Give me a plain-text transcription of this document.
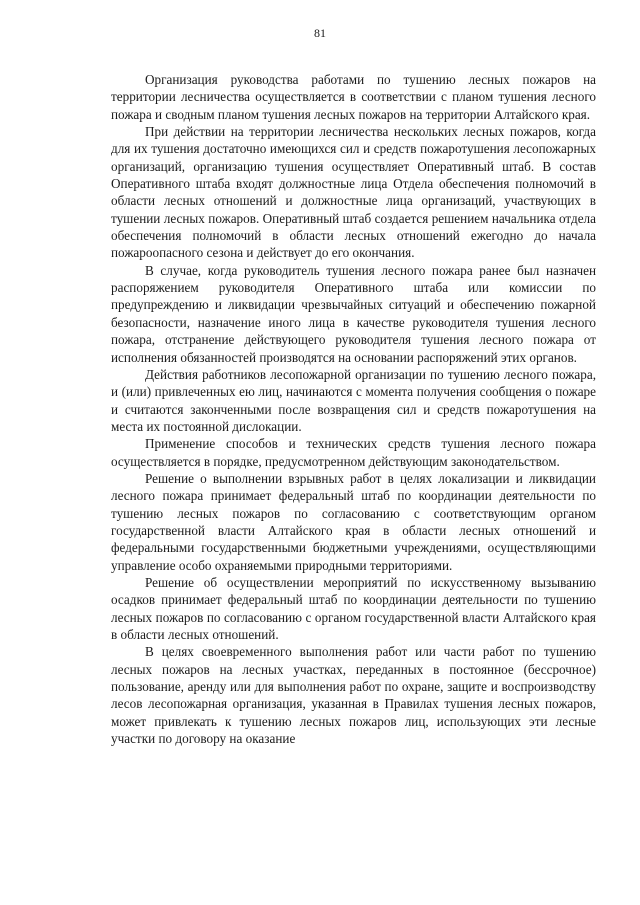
81

Организация руководства работами по тушению лесных пожаров на территории лесничества осуществляется в соответствии с планом тушения лесного пожара и сводным планом тушения лесных пожаров на территории Алтайского края.

При действии на территории лесничества нескольких лесных пожаров, когда для их тушения достаточно имеющихся сил и средств пожаротушения лесопожарных организаций, организацию тушения осуществляет Оперативный штаб. В состав Оперативного штаба входят должностные лица Отдела обеспечения полномочий в области лесных отношений и должностные лица организаций, участвующих в тушении лесных пожаров. Оперативный штаб создается решением начальника отдела обеспечения полномочий в области лесных отношений ежегодно до начала пожароопасного сезона и действует до его окончания.

В случае, когда руководитель тушения лесного пожара ранее был назначен распоряжением руководителя Оперативного штаба или комиссии по предупреждению и ликвидации чрезвычайных ситуаций и обеспечению пожарной безопасности, назначение иного лица в качестве руководителя тушения лесного пожара, отстранение действующего руководителя тушения лесного пожара от исполнения обязанностей производятся на основании распоряжений этих органов.

Действия работников лесопожарной организации по тушению лесного пожара, и (или) привлеченных ею лиц, начинаются с момента получения сообщения о пожаре и считаются законченными после возвращения сил и средств пожаротушения на места их постоянной дислокации.

Применение способов и технических средств тушения лесного пожара осуществляется в порядке, предусмотренном действующим законодательством.

Решение о выполнении взрывных работ в целях локализации и ликвидации лесного пожара принимает федеральный штаб по координации деятельности по тушению лесных пожаров по согласованию с соответствующим органом государственной власти Алтайского края в области лесных отношений и федеральными государственными бюджетными учреждениями, осуществляющими управление особо охраняемыми природными территориями.

Решение об осуществлении мероприятий по искусственному вызыванию осадков принимает федеральный штаб по координации деятельности по тушению лесных пожаров по согласованию с органом государственной власти Алтайского края в области лесных отношений.

В целях своевременного выполнения работ или части работ по тушению лесных пожаров на лесных участках, переданных в постоянное (бессрочное) пользование, аренду или для выполнения работ по охране, защите и воспроизводству лесов лесопожарная организация, указанная в Правилах тушения лесных пожаров, может привлекать к тушению лесных пожаров лиц, использующих эти лесные участки по договору на оказание
